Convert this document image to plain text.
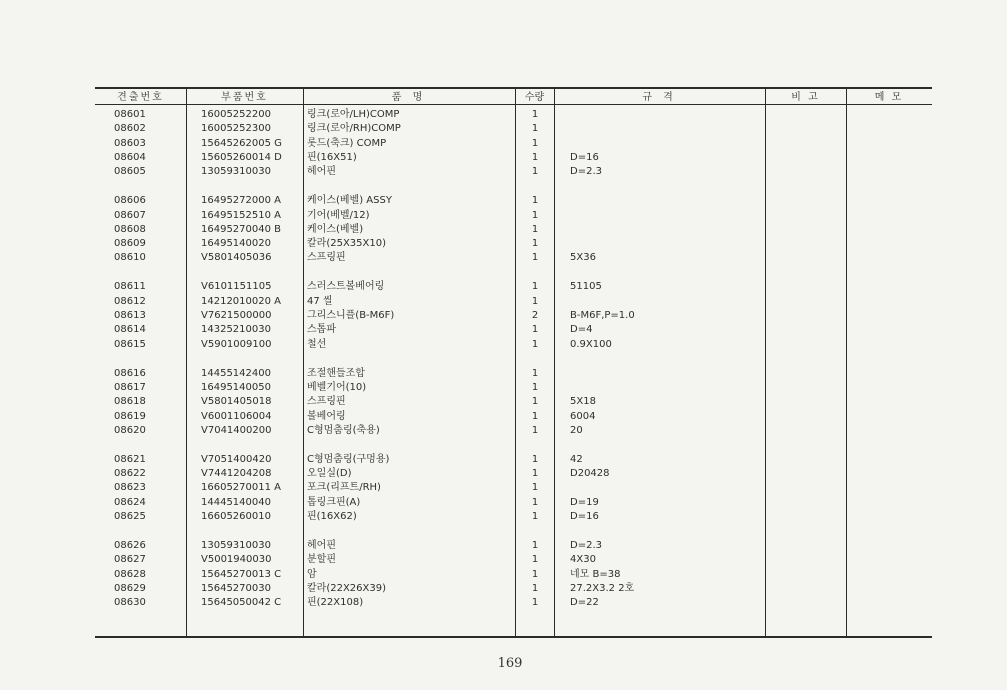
견출번호	부품번호	품 명	수량	규 격	비 고	메 모
08601	16005252200	링크(로아/LH)COMP	1
08602	16005252300	링크(로아/RH)COMP	1
08603	15645262005 G	롯드(축크) COMP	1
08604	15605260014 D	핀(16X51)	1	D=16
08605	13059310030	헤어핀	1	D=2.3
08606	16495272000 A	케이스(베벨) ASSY	1
08607	16495152510 A	기어(베벨/12)	1
08608	16495270040 B	케이스(베벨)	1
08609	16495140020	칼라(25X35X10)	1
08610	V5801405036	스프링핀	1	5X36
08611	V6101151105	스러스트볼베어링	1	51105
08612	14212010020 A	47 씰	1
08613	V7621500000	그리스니플(B-M6F)	2	B-M6F,P=1.0
08614	14325210030	스톱파	1	D=4
08615	V5901009100	철선	1	0.9X100
08616	14455142400	조절핸들조합	1
08617	16495140050	베벨기어(10)	1
08618	V5801405018	스프링핀	1	5X18
08619	V6001106004	볼베어링	1	6004
08620	V7041400200	C형멈춤링(축용)	1	20
08621	V7051400420	C형멈춤링(구멍용)	1	42
08622	V7441204208	오일실(D)	1	D20428
08623	16605270011 A	포크(리프트/RH)	1
08624	14445140040	톱링크핀(A)	1	D=19
08625	16605260010	핀(16X62)	1	D=16
08626	13059310030	헤어핀	1	D=2.3
08627	V5001940030	분할핀	1	4X30
08628	15645270013 C	암	1	네모 B=38
08629	15645270030	칼라(22X26X39)	1	27.2X3.2 2호
08630	15645050042 C	핀(22X108)	1	D=22
169
